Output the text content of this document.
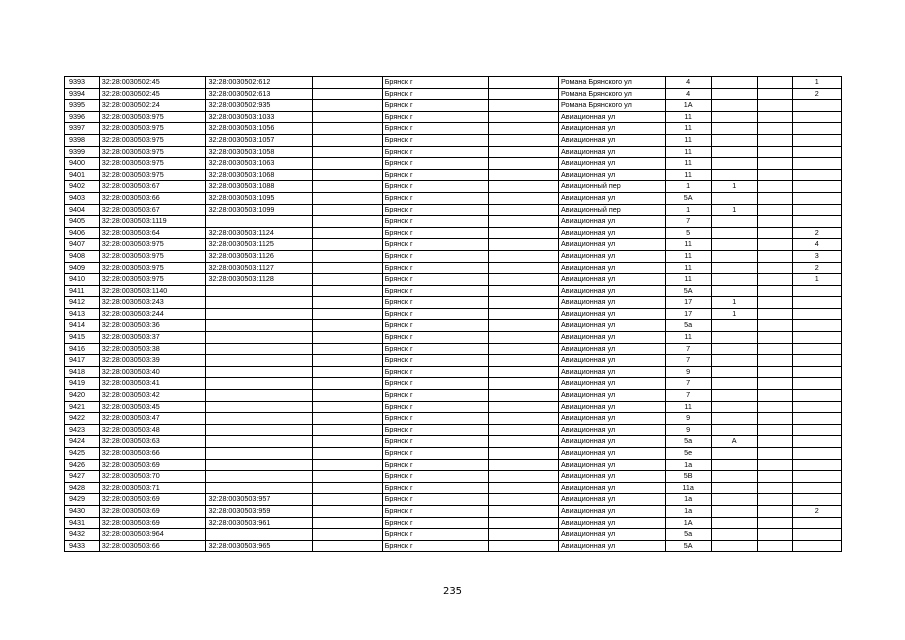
9393	32:28:0030502:45	32:28:0030502:612		Брянск г		Романа Брянского ул	4			1
9394	32:28:0030502:45	32:28:0030502:613		Брянск г		Романа Брянского ул	4			2
9395	32:28:0030502:24	32:28:0030502:935		Брянск г		Романа Брянского ул	1А			
9396	32:28:0030503:975	32:28:0030503:1033		Брянск г		Авиационная ул	11			
9397	32:28:0030503:975	32:28:0030503:1056		Брянск г		Авиационная ул	11			
9398	32:28:0030503:975	32:28:0030503:1057		Брянск г		Авиационная ул	11			
9399	32:28:0030503:975	32:28:0030503:1058		Брянск г		Авиационная ул	11			
9400	32:28:0030503:975	32:28:0030503:1063		Брянск г		Авиационная ул	11			
9401	32:28:0030503:975	32:28:0030503:1068		Брянск г		Авиационная ул	11			
9402	32:28:0030503:67	32:28:0030503:1088		Брянск г		Авиационный пер	1	1		
9403	32:28:0030503:66	32:28:0030503:1095		Брянск г		Авиационная ул	5А			
9404	32:28:0030503:67	32:28:0030503:1099		Брянск г		Авиационный пер	1	1		
9405	32:28:0030503:1119			Брянск г		Авиационная ул	7			
9406	32:28:0030503:64	32:28:0030503:1124		Брянск г		Авиационная ул	5			2
9407	32:28:0030503:975	32:28:0030503:1125		Брянск г		Авиационная ул	11			4
9408	32:28:0030503:975	32:28:0030503:1126		Брянск г		Авиационная ул	11			3
9409	32:28:0030503:975	32:28:0030503:1127		Брянск г		Авиационная ул	11			2
9410	32:28:0030503:975	32:28:0030503:1128		Брянск г		Авиационная ул	11			1
9411	32:28:0030503:1140			Брянск г		Авиационная ул	5А			
9412	32:28:0030503:243			Брянск г		Авиационная ул	17	1		
9413	32:28:0030503:244			Брянск г		Авиационная ул	17	1		
9414	32:28:0030503:36			Брянск г		Авиационная ул	5а			
9415	32:28:0030503:37			Брянск г		Авиационная ул	11			
9416	32:28:0030503:38			Брянск г		Авиационная ул	7			
9417	32:28:0030503:39			Брянск г		Авиационная ул	7			
9418	32:28:0030503:40			Брянск г		Авиационная ул	9			
9419	32:28:0030503:41			Брянск г		Авиационная ул	7			
9420	32:28:0030503:42			Брянск г		Авиационная ул	7			
9421	32:28:0030503:45			Брянск г		Авиационная ул	11			
9422	32:28:0030503:47			Брянск г		Авиационная ул	9			
9423	32:28:0030503:48			Брянск г		Авиационная ул	9			
9424	32:28:0030503:63			Брянск г		Авиационная ул	5а	А		
9425	32:28:0030503:66			Брянск г		Авиационная ул	5е			
9426	32:28:0030503:69			Брянск г		Авиационная ул	1а			
9427	32:28:0030503:70			Брянск г		Авиационная ул	5В			
9428	32:28:0030503:71			Брянск г		Авиационная ул	11а			
9429	32:28:0030503:69	32:28:0030503:957		Брянск г		Авиационная ул	1а			
9430	32:28:0030503:69	32:28:0030503:959		Брянск г		Авиационная ул	1а			2
9431	32:28:0030503:69	32:28:0030503:961		Брянск г		Авиационная ул	1А			
9432	32:28:0030503:964			Брянск г		Авиационная ул	5а			
9433	32:28:0030503:66	32:28:0030503:965		Брянск г		Авиационная ул	5А			
235
